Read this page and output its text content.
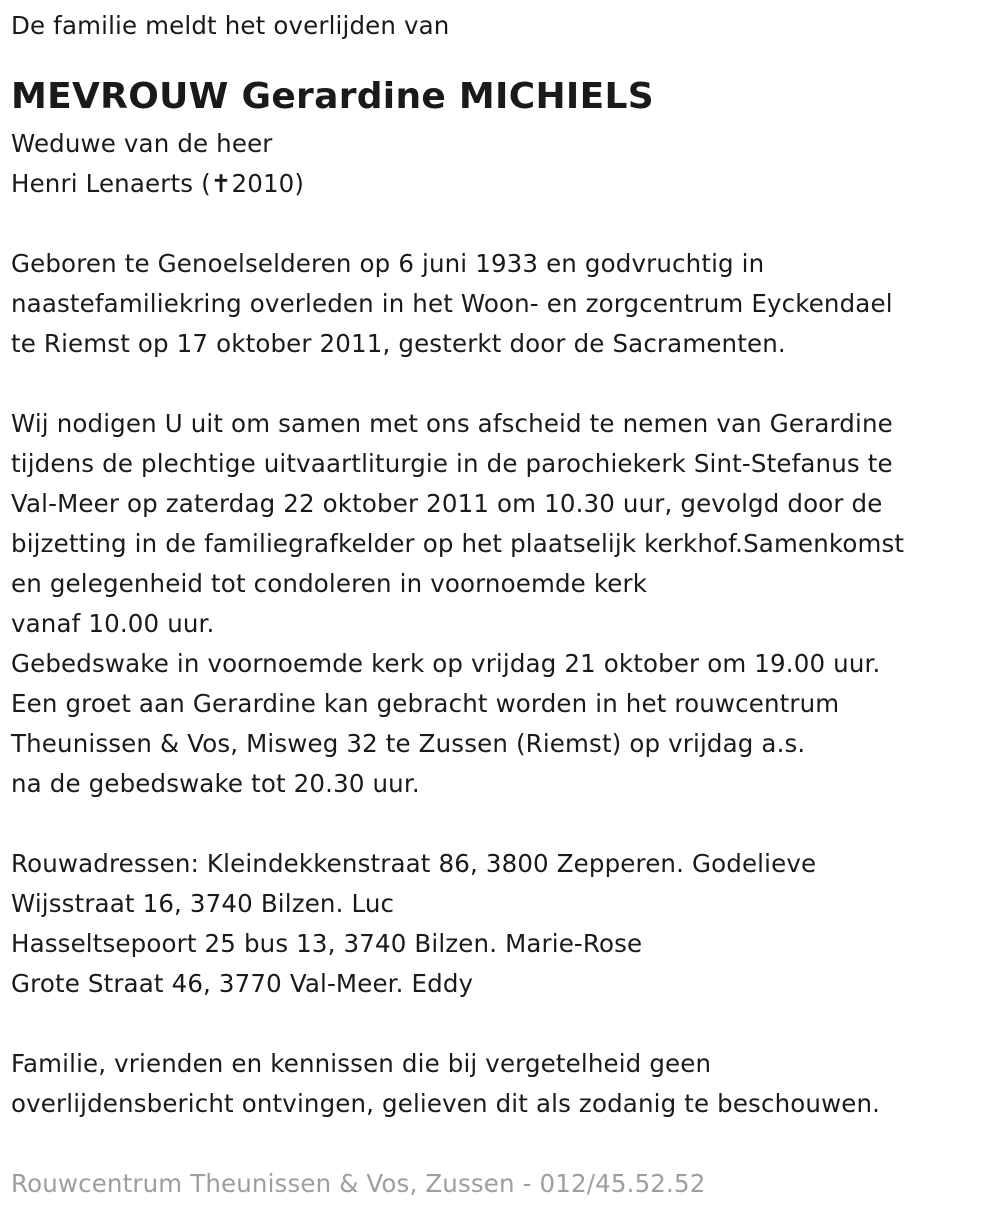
De familie meldt het overlijden van
MEVROUW Gerardine MICHIELS
Weduwe van de heer
Henri Lenaerts (✝2010)
Geboren te Genoelselderen op 6 juni 1933 en godvruchtig in
naastefamiliekring overleden in het Woon- en zorgcentrum Eyckendael
te Riemst op 17 oktober 2011, gesterkt door de Sacramenten.
Wij nodigen U uit om samen met ons afscheid te nemen van Gerardine
tijdens de plechtige uitvaartliturgie in de parochiekerk Sint-Stefanus te
Val-Meer op zaterdag 22 oktober 2011 om 10.30 uur, gevolgd door de
bijzetting in de familiegrafkelder op het plaatselijk kerkhof.Samenkomst
en gelegenheid tot condoleren in voornoemde kerk
vanaf 10.00 uur.
Gebedswake in voornoemde kerk op vrijdag 21 oktober om 19.00 uur.
Een groet aan Gerardine kan gebracht worden in het rouwcentrum
Theunissen & Vos, Misweg 32 te Zussen (Riemst) op vrijdag a.s.
na de gebedswake tot 20.30 uur.
Rouwadressen: Kleindekkenstraat 86, 3800 Zepperen. Godelieve
Wijsstraat 16, 3740 Bilzen. Luc
Hasseltsepoort 25 bus 13, 3740 Bilzen. Marie-Rose
Grote Straat 46, 3770 Val-Meer. Eddy
Familie, vrienden en kennissen die bij vergetelheid geen
overlijdensbericht ontvingen, gelieven dit als zodanig te beschouwen.
Rouwcentrum Theunissen & Vos, Zussen - 012/45.52.52
